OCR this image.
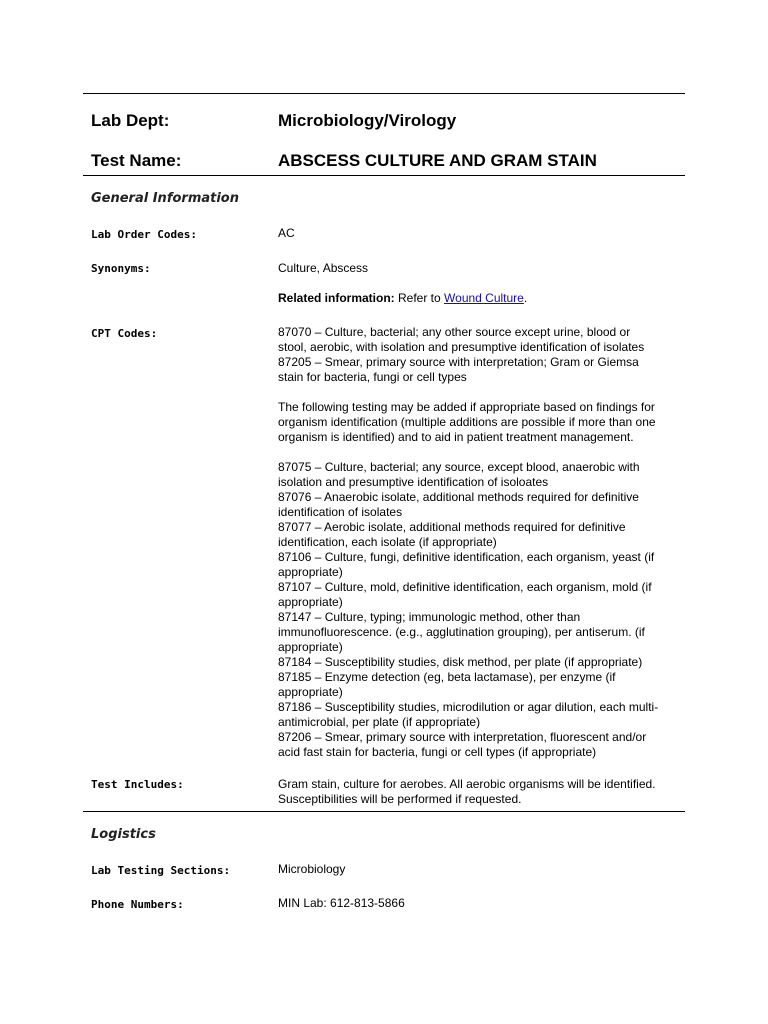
Lab Dept:	Microbiology/Virology
Test Name:	ABSCESS CULTURE AND GRAM STAIN
General Information
Lab Order Codes:	AC
Synonyms:	Culture, Abscess
Related information: Refer to Wound Culture.
CPT Codes:	87070 – Culture, bacterial; any other source except urine, blood or

stool, aerobic, with isolation and presumptive identification of isolates

87205 – Smear, primary source with interpretation; Gram or Giemsa

stain for bacteria, fungi or cell types

The following testing may be added if appropriate based on findings for

organism identification (multiple additions are possible if more than one

organism is identified) and to aid in patient treatment management.

87075 – Culture, bacterial; any source, except blood, anaerobic with

isolation and presumptive identification of isoloates

87076 – Anaerobic isolate, additional methods required for definitive

identification of isolates

87077 – Aerobic isolate, additional methods required for definitive

identification, each isolate (if appropriate)

87106 – Culture, fungi, definitive identification, each organism, yeast (if

appropriate)

87107 – Culture, mold, definitive identification, each organism, mold (if

appropriate)

87147 – Culture, typing; immunologic method, other than

immunofluorescence. (e.g., agglutination grouping), per antiserum. (if

appropriate)

87184 – Susceptibility studies, disk method, per plate (if appropriate)

87185 – Enzyme detection (eg, beta lactamase), per enzyme (if

appropriate)

87186 – Susceptibility studies, microdilution or agar dilution, each multi-

antimicrobial, per plate (if appropriate)

87206 – Smear, primary source with interpretation, fluorescent and/or

acid fast stain for bacteria, fungi or cell types (if appropriate)

Test Includes:	Gram stain, culture for aerobes. All aerobic organisms will be identified.

Susceptibilities will be performed if requested.

Logistics
Lab Testing Sections:	Microbiology
Phone Numbers:	MIN Lab: 612-813-5866
